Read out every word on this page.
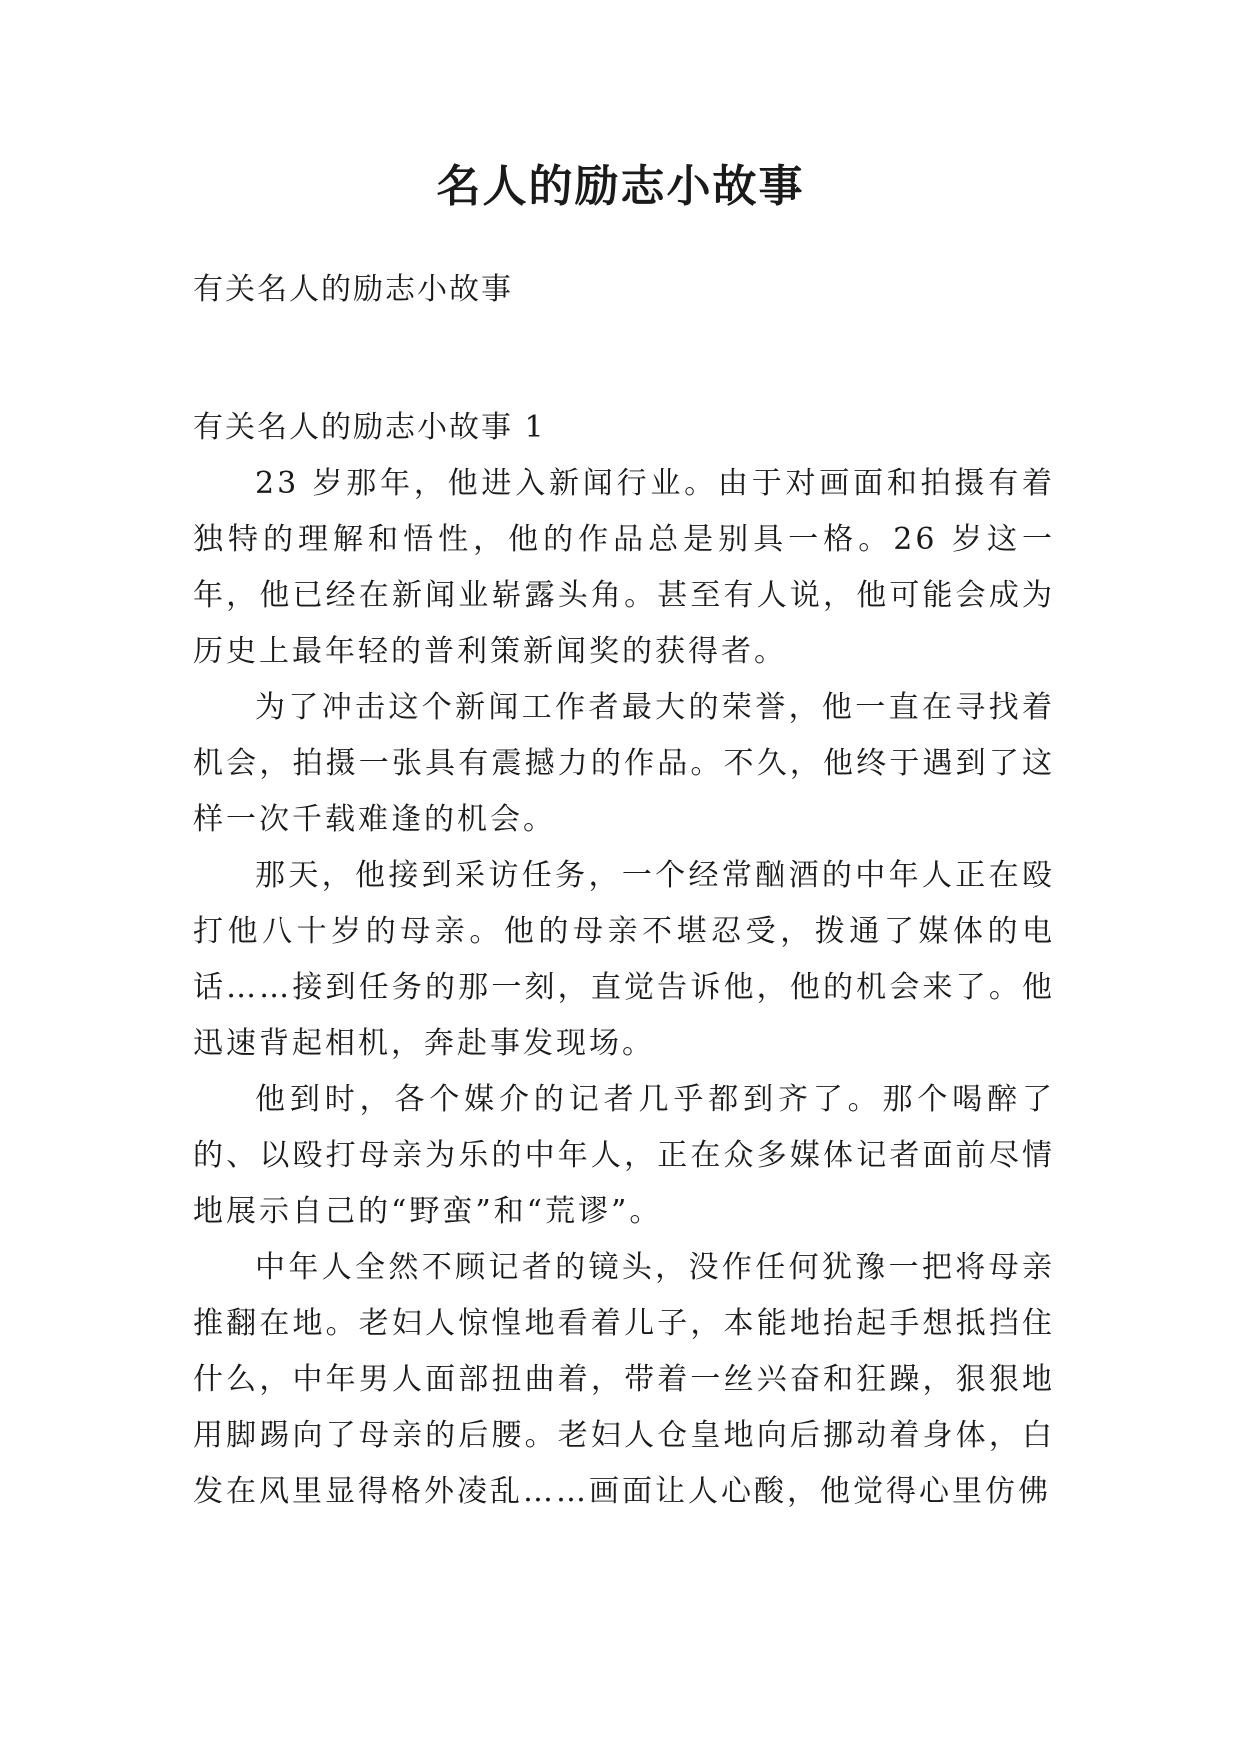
名人的励志小故事

有关名人的励志小故事

有关名人的励志小故事 1

23 岁那年，他进入新闻行业。由于对画面和拍摄有着独特的理解和悟性，他的作品总是别具一格。26 岁这一年，他已经在新闻业崭露头角。甚至有人说，他可能会成为历史上最年轻的普利策新闻奖的获得者。

为了冲击这个新闻工作者最大的荣誉，他一直在寻找着机会，拍摄一张具有震撼力的作品。不久，他终于遇到了这样一次千载难逢的机会。

那天，他接到采访任务，一个经常酗酒的中年人正在殴打他八十岁的母亲。他的母亲不堪忍受，拨通了媒体的电话……接到任务的那一刻，直觉告诉他，他的机会来了。他迅速背起相机，奔赴事发现场。

他到时，各个媒介的记者几乎都到齐了。那个喝醉了的、以殴打母亲为乐的中年人，正在众多媒体记者面前尽情地展示自己的“野蛮”和“荒谬”。

中年人全然不顾记者的镜头，没作任何犹豫一把将母亲推翻在地。老妇人惊惶地看着儿子，本能地抬起手想抵挡住什么，中年男人面部扭曲着，带着一丝兴奋和狂躁，狠狠地用脚踢向了母亲的后腰。老妇人仓皇地向后挪动着身体，白发在风里显得格外凌乱……画面让人心酸，他觉得心里仿佛
